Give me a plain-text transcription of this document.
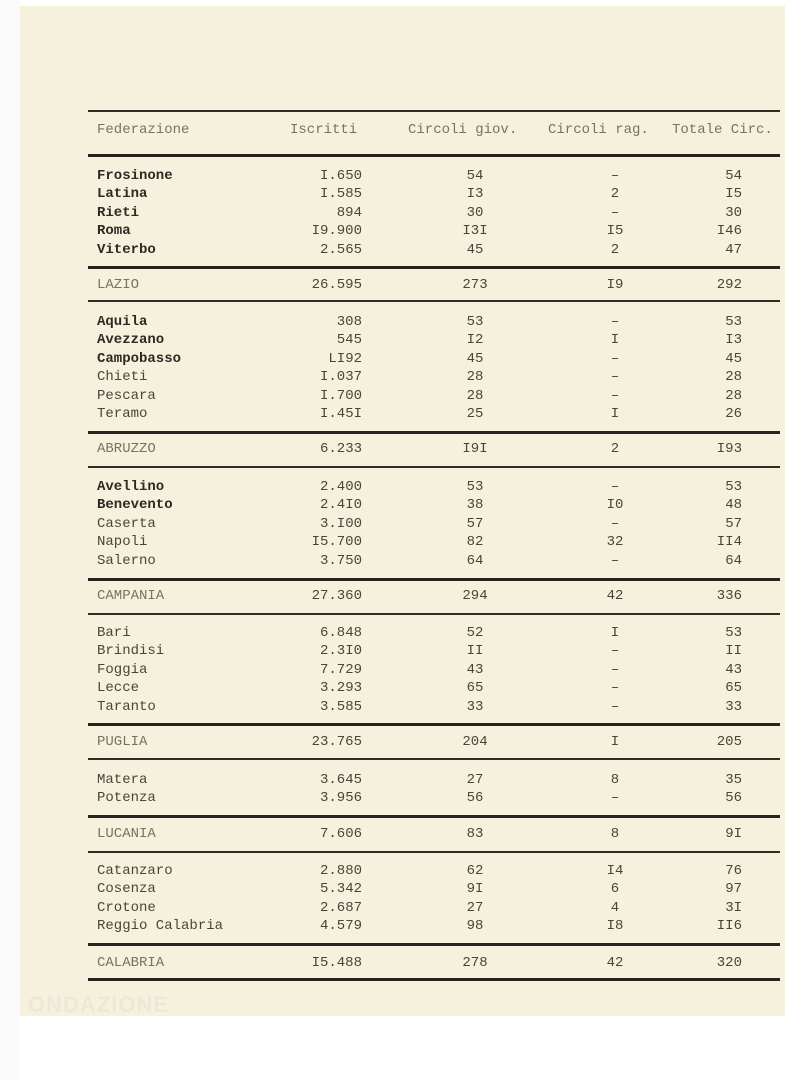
ONDAZIONE
Federazione	Iscritti	Circoli giov.	Circoli rag.	Totale Circ.
Frosinone	I.650	54	–	54
Latina	I.585	I3	2	I5
Rieti	894	30	–	30
Roma	I9.900	I3I	I5	I46
Viterbo	2.565	45	2	47
LAZIO	26.595	273	I9	292
Aquila	308	53	–	53
Avezzano	545	I2	I	I3
Campobasso	LI92	45	–	45
Chieti	I.037	28	–	28
Pescara	I.700	28	–	28
Teramo	I.45I	25	I	26
ABRUZZO	6.233	I9I	2	I93
Avellino	2.400	53	–	53
Benevento	2.4I0	38	I0	48
Caserta	3.I00	57	–	57
Napoli	I5.700	82	32	II4
Salerno	3.750	64	–	64
CAMPANIA	27.360	294	42	336
Bari	6.848	52	I	53
Brindisi	2.3I0	II	–	II
Foggia	7.729	43	–	43
Lecce	3.293	65	–	65
Taranto	3.585	33	–	33
PUGLIA	23.765	204	I	205
Matera	3.645	27	8	35
Potenza	3.956	56	–	56
LUCANIA	7.606	83	8	9I
Catanzaro	2.880	62	I4	76
Cosenza	5.342	9I	6	97
Crotone	2.687	27	4	3I
Reggio Calabria	4.579	98	I8	II6
CALABRIA	I5.488	278	42	320
